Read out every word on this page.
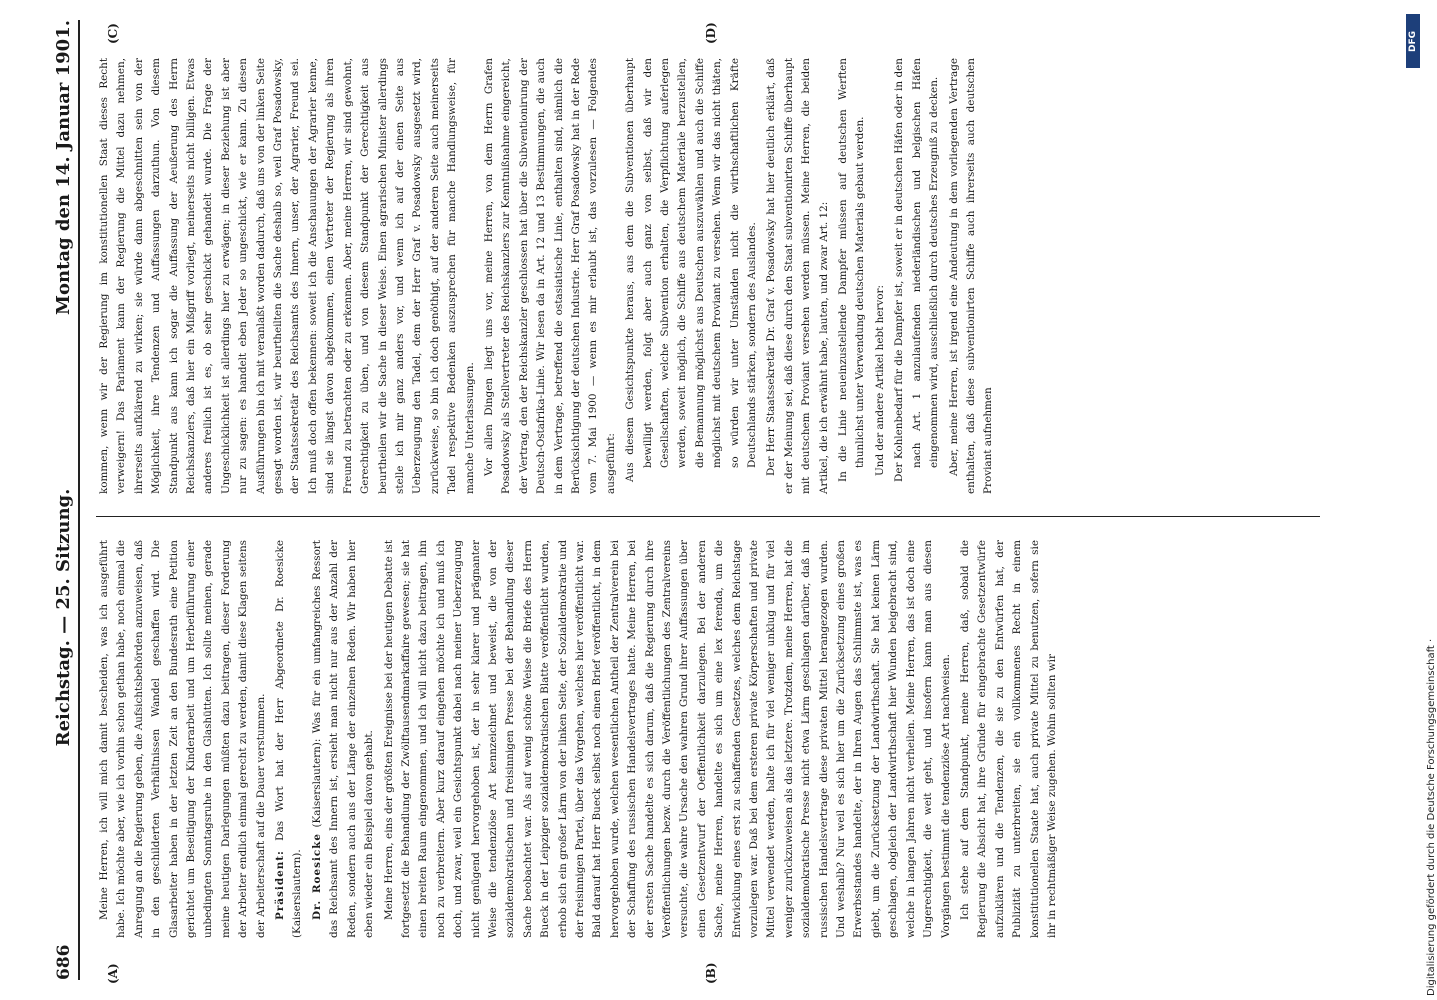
686
Reichstag. — 25. Sitzung.
Montag den 14. Januar 1901.
(A)	(B)
(C)	(D)

Meine Herren, ich will mich damit bescheiden, was ich ausgeführt habe. Ich möchte aber, wie ich vorhin schon gethan habe, noch einmal die Anregung an die Regierung geben, die Aufsichtsbehörden anzuweisen, daß in den geschilderten Verhältnissen Wandel geschaffen wird. Die Glasarbeiter haben in der letzten Zeit an den Bundesrath eine Petition gerichtet um Beseitigung der Kinderarbeit und um Herbeiführung einer unbedingten Sonntagsruhe in den Glashütten. Ich sollte meinen, gerade meine heutigen Darlegungen müßten dazu beitragen, dieser Forderung der Arbeiter endlich einmal gerecht zu werden, damit diese Klagen seitens der Arbeiterschaft auf die Dauer verstummen. Präsident: Das Wort hat der Herr Abgeordnete Dr. Roesicke (Kaiserslautern). Dr. Roesicke (Kaiserslautern): Was für ein umfangreiches Ressort das Reichsamt des Innern ist, ersieht man nicht nur aus der Anzahl der Reden, sondern auch aus der Länge der einzelnen Reden. Wir haben hier eben wieder ein Beispiel davon gehabt. Meine Herren, eins der größten Ereignisse bei der heutigen Debatte ist fortgesetzt die Behandlung der Zwölftausendmarkaffaire gewesen; sie hat einen breiten Raum eingenommen, und ich will nicht dazu beitragen, ihn noch zu verbreitern. Aber kurz darauf eingehen möchte ich und muß ich doch, und zwar, weil ein Gesichtspunkt dabei nach meiner Ueberzeugung nicht genügend hervorgehoben ist, der in sehr klarer und prägnanter Weise die tendenziöse Art kennzeichnet und beweist, die von der sozialdemokratischen und freisinnigen Presse bei der Behandlung dieser Sache beobachtet war. Als auf wenig schöne Weise die Briefe des Herrn Bueck in der Leipziger sozialdemokratischen Blatte veröffentlicht wurden, erhob sich ein großer Lärm von der linken Seite, der Sozialdemokratie und der freisinnigen Partei, über das Vorgehen, welches hier veröffentlicht war. Bald darauf hat Herr Bueck selbst noch einen Brief veröffentlicht, in dem hervorgehoben wurde, welchen wesentlichen Antheil der Zentralverein bei der Schaffung des russischen Handelsvertrages hatte. Meine Herren, bei der ersten Sache handelte es sich darum, daß die Regierung durch ihre Veröffentlichungen bezw. durch die Veröffentlichungen des Zentralvereins versuchte, die wahre Ursache den wahren Grund ihrer Auffassungen über einen Gesetzentwurf der Oeffentlichkeit darzulegen. Bei der anderen Sache, meine Herren, handelte es sich um eine lex ferenda, um die Entwicklung eines erst zu schaffenden Gesetzes, welches dem Reichstage vorzulegen war. Daß bei dem ersteren private Körperschaften und private Mittel verwendet werden, halte ich für viel weniger unklug und für viel weniger zurückzuweisen als das letztere. Trotzdem, meine Herren, hat die sozialdemokratische Presse nicht etwa Lärm geschlagen darüber, daß im russischen Handelsvertrage diese privaten Mittel herangezogen wurden. Und weshalb? Nur weil es sich hier um die Zurücksetzung eines großen Erwerbsstandes handelte, der in Ihren Augen das Schlimmste ist, was es giebt, um die Zurücksetzung der Landwirthschaft. Sie hat keinen Lärm geschlagen, obgleich der Landwirthschaft hier Wunden beigebracht sind, welche in langen Jahren nicht verheilen. Meine Herren, das ist doch eine Ungerechtigkeit, die weit geht, und insofern kann man aus diesen Vorgängen bestimmt die tendenziöse Art nachweisen. Ich stehe auf dem Standpunkt, meine Herren, daß, sobald die Regierung die Absicht hat, ihre Gründe für eingebrachte Gesetzentwürfe aufzuklären und die Tendenzen, die sie zu den Entwürfen hat, der Publizität zu unterbreiten, sie ein vollkommenes Recht in einem konstitutionellen Staate hat, auch private Mittel zu benutzen, sofern sie ihr in rechtmäßiger Weise zugehen. Wohin sollten wir

kommen, wenn wir der Regierung im konstitutionellen Staat dieses Recht verweigern! Das Parlament kann der Regierung die Mittel dazu nehmen, ihrerseits aufklärend zu wirken; sie würde dann abgeschnitten sein von der Möglichkeit, ihre Tendenzen und Auffassungen darzuthun. Von diesem Standpunkt aus kann ich sogar die Auffassung der Aeußerung des Herrn Reichskanzlers, daß hier ein Mißgriff vorliegt, meinerseits nicht billigen. Etwas anderes freilich ist es, ob sehr geschickt gehandelt wurde. Die Frage der Ungeschicklichkeit ist allerdings hier zu erwägen; in dieser Beziehung ist aber nur zu sagen: es handelt eben Jeder so ungeschickt, wie er kann. Zu diesen Ausführungen bin ich mit veranlaßt worden dadurch, daß uns von der linken Seite gesagt worden ist, wir beurtheilten die Sache deshalb so, weil Graf Posadowsky, der Staatssekretär des Reichsamts des Innern, unser, der Agrarier, Freund sei. Ich muß doch offen bekennen: soweit ich die Anschauungen der Agrarier kenne, sind sie längst davon abgekommen, einen Vertreter der Regierung als ihren Freund zu betrachten oder zu erkennen. Aber, meine Herren, wir sind gewohnt, Gerechtigkeit zu üben, und von diesem Standpunkt der Gerechtigkeit aus beurtheilen wir die Sache in dieser Weise. Einen agrarischen Minister allerdings stelle ich mir ganz anders vor, und wenn ich auf der einen Seite aus Ueberzeugung den Tadel, dem der Herr Graf v. Posadowsky ausgesetzt wird, zurückweise, so bin ich doch genöthigt, auf der anderen Seite auch meinerseits Tadel respektive Bedenken auszusprechen für manche Handlungsweise, für manche Unterlassungen. Vor allen Dingen liegt uns vor, meine Herren, von dem Herrn Grafen Posadowsky als Stellvertreter des Reichskanzlers zur Kenntnißnahme eingereicht, der Vertrag, den der Reichskanzler geschlossen hat über die Subventionirung der Deutsch-Ostafrika-Linie. Wir lesen da in Art. 12 und 13 Bestimmungen, die auch in dem Vertrage, betreffend die ostasiatische Linie, enthalten sind, nämlich die Berücksichtigung der deutschen Industrie. Herr Graf Posadowsky hat in der Rede vom 7. Mai 1900 — wenn es mir erlaubt ist, das vorzulesen — Folgendes ausgeführt: Aus diesem Gesichtspunkte heraus, aus dem die Subventionen überhaupt bewilligt werden, folgt aber auch ganz von selbst, daß wir den Gesellschaften, welche Subvention erhalten, die Verpflichtung auferlegen werden, soweit möglich, die Schiffe aus deutschem Materiale herzustellen, die Bemannung möglichst aus Deutschen auszuwählen und auch die Schiffe möglichst mit deutschem Proviant zu versehen. Wenn wir das nicht thäten, so würden wir unter Umständen nicht die wirthschaftlichen Kräfte Deutschlands stärken, sondern des Auslandes. Der Herr Staatssekretär Dr. Graf v. Posadowsky hat hier deutlich erklärt, daß er der Meinung sei, daß diese durch den Staat subventionirten Schiffe überhaupt mit deutschem Proviant versehen werden müssen. Meine Herren, die beiden Artikel, die ich erwähnt habe, lauten, und zwar Art. 12: In die Linie neueinzustellende Dampfer müssen auf deutschen Werften thunlichst unter Verwendung deutschen Materials gebaut werden. Und der andere Artikel hebt hervor: Der Kohlenbedarf für die Dampfer ist, soweit er in deutschen Häfen oder in den nach Art. 1 anzulaufenden niederländischen und belgischen Häfen eingenommen wird, ausschließlich durch deutsches Erzeugniß zu decken. Aber, meine Herren, ist irgend eine Andeutung in dem vorliegenden Vertrage enthalten, daß diese subventionirten Schiffe auch ihrerseits auch deutschen Proviant aufnehmen

DFG
Digitalisierung gefördert durch die Deutsche Forschungsgemeinschaft ·
